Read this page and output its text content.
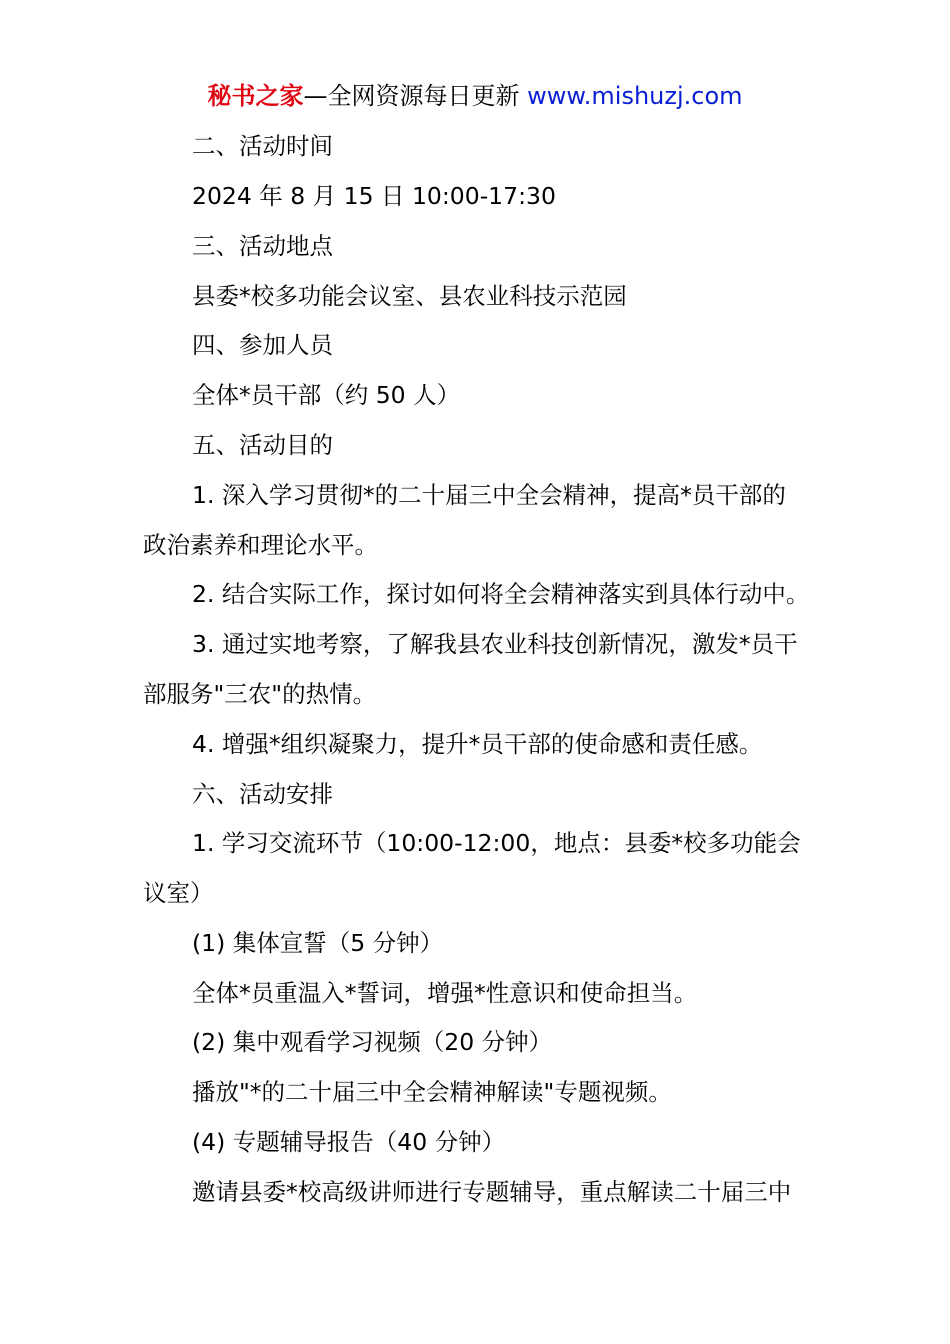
秘书之家—全网资源每日更新 www.mishuzj.com
二、活动时间
2024 年 8 月 15 日 10:00-17:30
三、活动地点
县委*校多功能会议室、县农业科技示范园
四、参加人员
全体*员干部（约 50 人）
五、活动目的
1. 深入学习贯彻*的二十届三中全会精神，提高*员干部的
政治素养和理论水平。
2. 结合实际工作，探讨如何将全会精神落实到具体行动中。
3. 通过实地考察，了解我县农业科技创新情况，激发*员干
部服务"三农"的热情。
4. 增强*组织凝聚力，提升*员干部的使命感和责任感。
六、活动安排
1. 学习交流环节（10:00-12:00，地点：县委*校多功能会
议室）
(1) 集体宣誓（5 分钟）
全体*员重温入*誓词，增强*性意识和使命担当。
(2) 集中观看学习视频（20 分钟）
播放"*的二十届三中全会精神解读"专题视频。
(4) 专题辅导报告（40 分钟）
邀请县委*校高级讲师进行专题辅导，重点解读二十届三中
